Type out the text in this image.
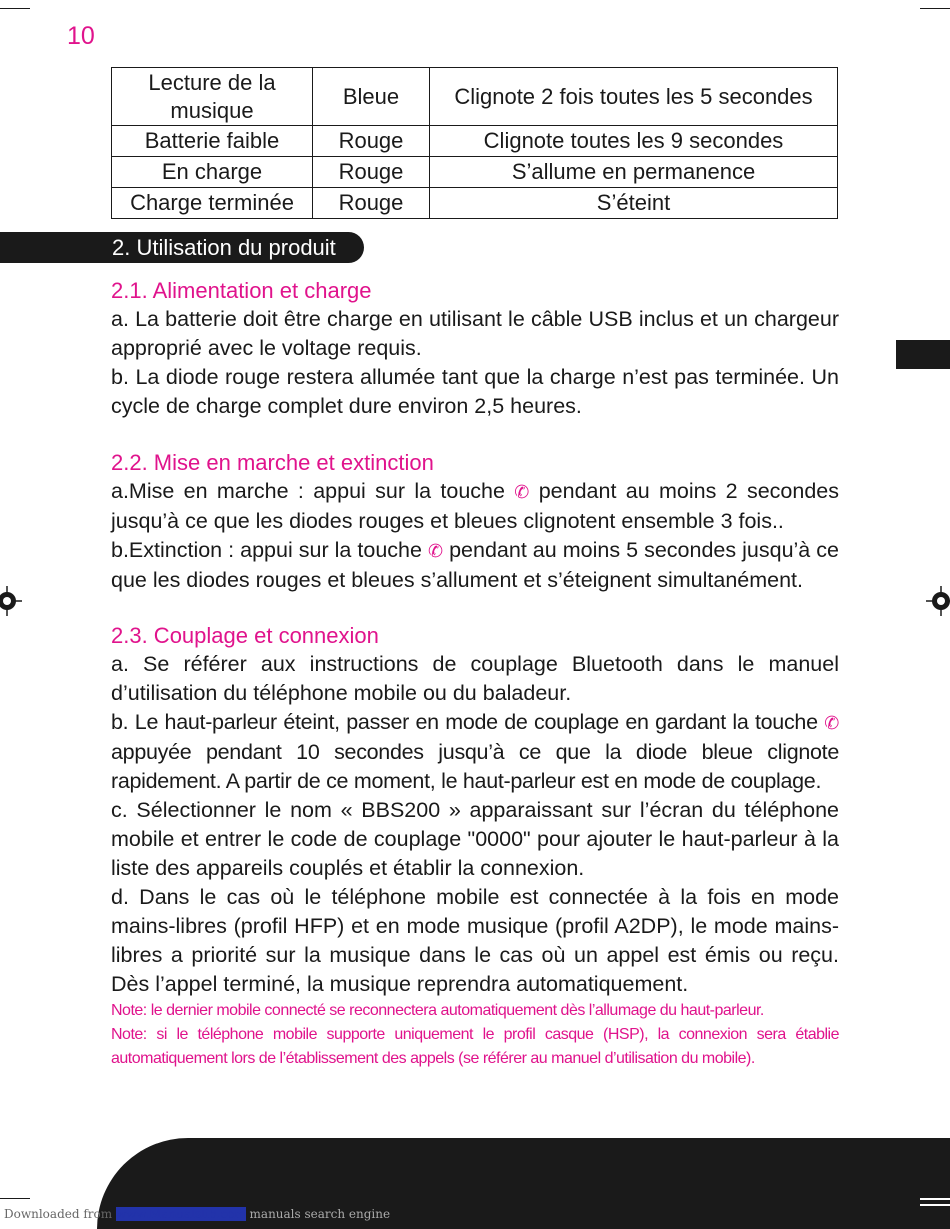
10
Lecture de la musique	Bleue	Clignote 2 fois toutes les 5 secondes
Batterie faible	Rouge	Clignote toutes les 9 secondes
En charge	Rouge	S’allume en permanence
Charge terminée	Rouge	S’éteint
2. Utilisation du produit

2.1. Alimentation et charge

a. La batterie doit être charge en utilisant le câble USB inclus et un chargeur approprié avec le voltage requis.

b. La diode rouge restera allumée tant que la charge n’est pas terminée. Un cycle de charge complet dure environ 2,5 heures.

2.2. Mise en marche et extinction

a.Mise en marche : appui sur la touche ✆ pendant au moins 2 secondes jusqu’à ce que les diodes rouges et bleues clignotent ensemble 3 fois..

b.Extinction : appui sur la touche ✆ pendant au moins 5 secondes jusqu’à ce que les diodes rouges et bleues s’allument et s’éteignent simultanément.

2.3. Couplage et connexion

a. Se référer aux instructions de couplage Bluetooth dans le manuel d’utilisation du téléphone mobile ou du baladeur.

b. Le haut-parleur éteint, passer en mode de couplage en gardant la touche ✆ appuyée pendant 10 secondes jusqu’à ce que la diode bleue clignote rapidement. A partir de ce moment, le haut-parleur est en mode de couplage.

c. Sélectionner le nom « BBS200 » apparaissant sur l’écran du téléphone mobile et entrer le code de couplage "0000" pour ajouter le haut-parleur à la liste des appareils couplés et établir la connexion.

d. Dans le cas où le téléphone mobile est connectée à la fois en mode mains-libres (profil HFP) et en mode musique (profil A2DP), le mode mains-libres a priorité sur la musique dans le cas où un appel est émis ou reçu. Dès l’appel terminé, la musique reprendra automatiquement.

Note: le dernier mobile connecté se reconnectera automatiquement dès l’allumage du haut-parleur.

Note: si le téléphone mobile supporte uniquement le profil casque (HSP), la connexion sera établie automatiquement lors de l’établissement des appels (se référer au manuel d’utilisation du mobile).

Downloaded from www.Manualslib.com manuals search engine
